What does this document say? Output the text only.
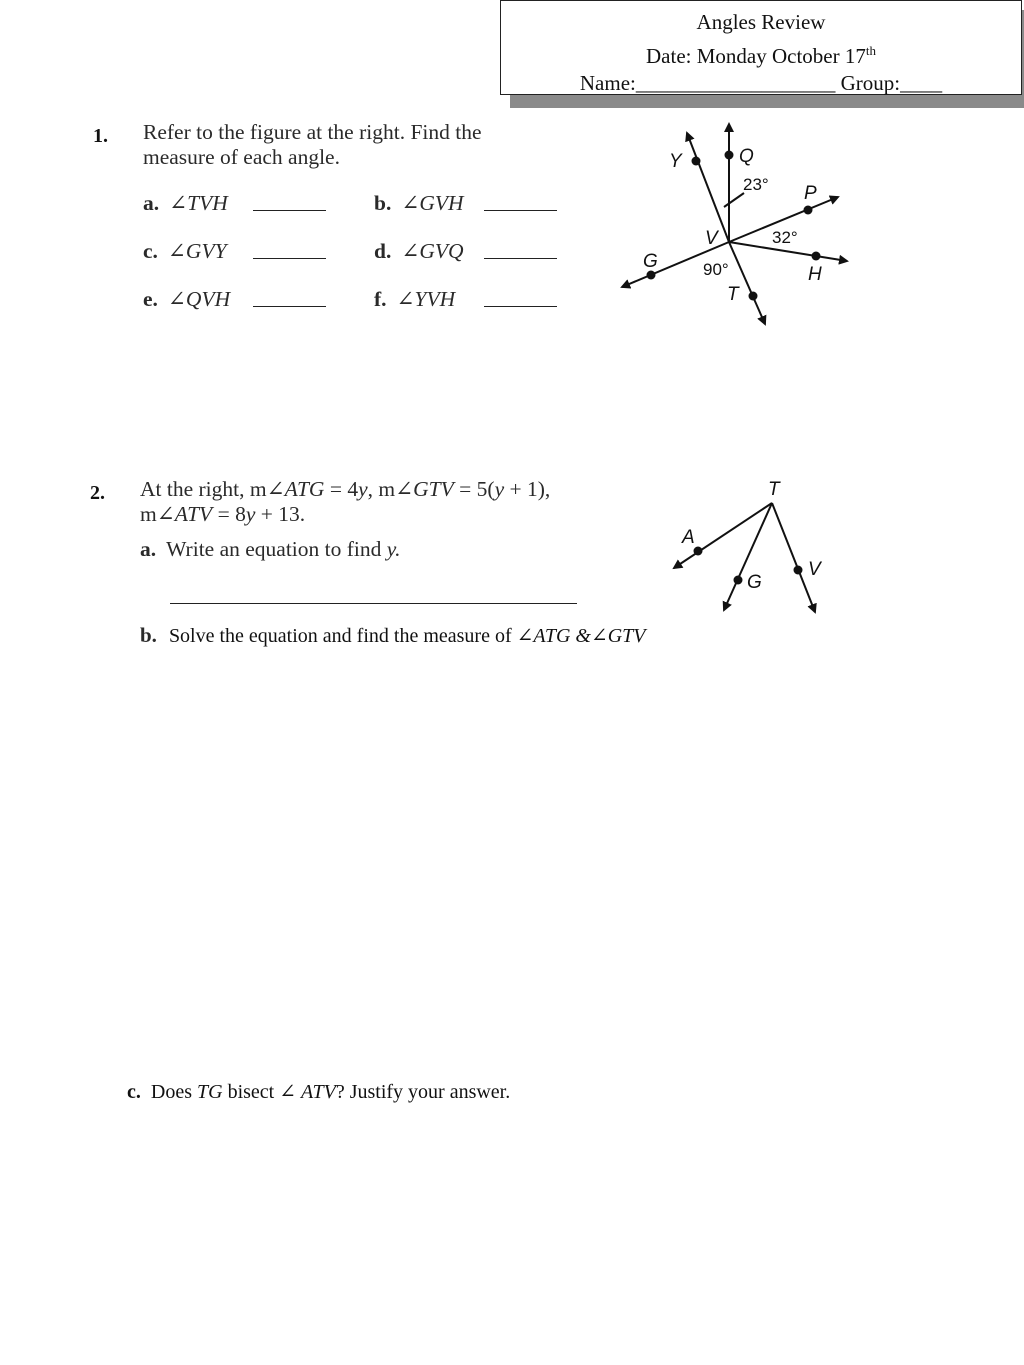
Angles Review
Date: Monday October 17th
Name:___________________ Group:____
1. Refer to the figure at the right. Find the
measure of each angle.
a. ∠TVH	b. ∠GVH
c. ∠GVY	d. ∠GVQ
e. ∠QVH	f. ∠YVH
Y	Q
P
V
G
H
T
23°
32°
90°
2. At the right, m∠ATG = 4y, m∠GTV = 5(y + 1),
m∠ATV = 8y + 13.
a. Write an equation to find y.
b. Solve the equation and find the measure of ∠ATG &∠GTV
T
A
G
V
c. Does TG bisect ∠ ATV? Justify your answer.
